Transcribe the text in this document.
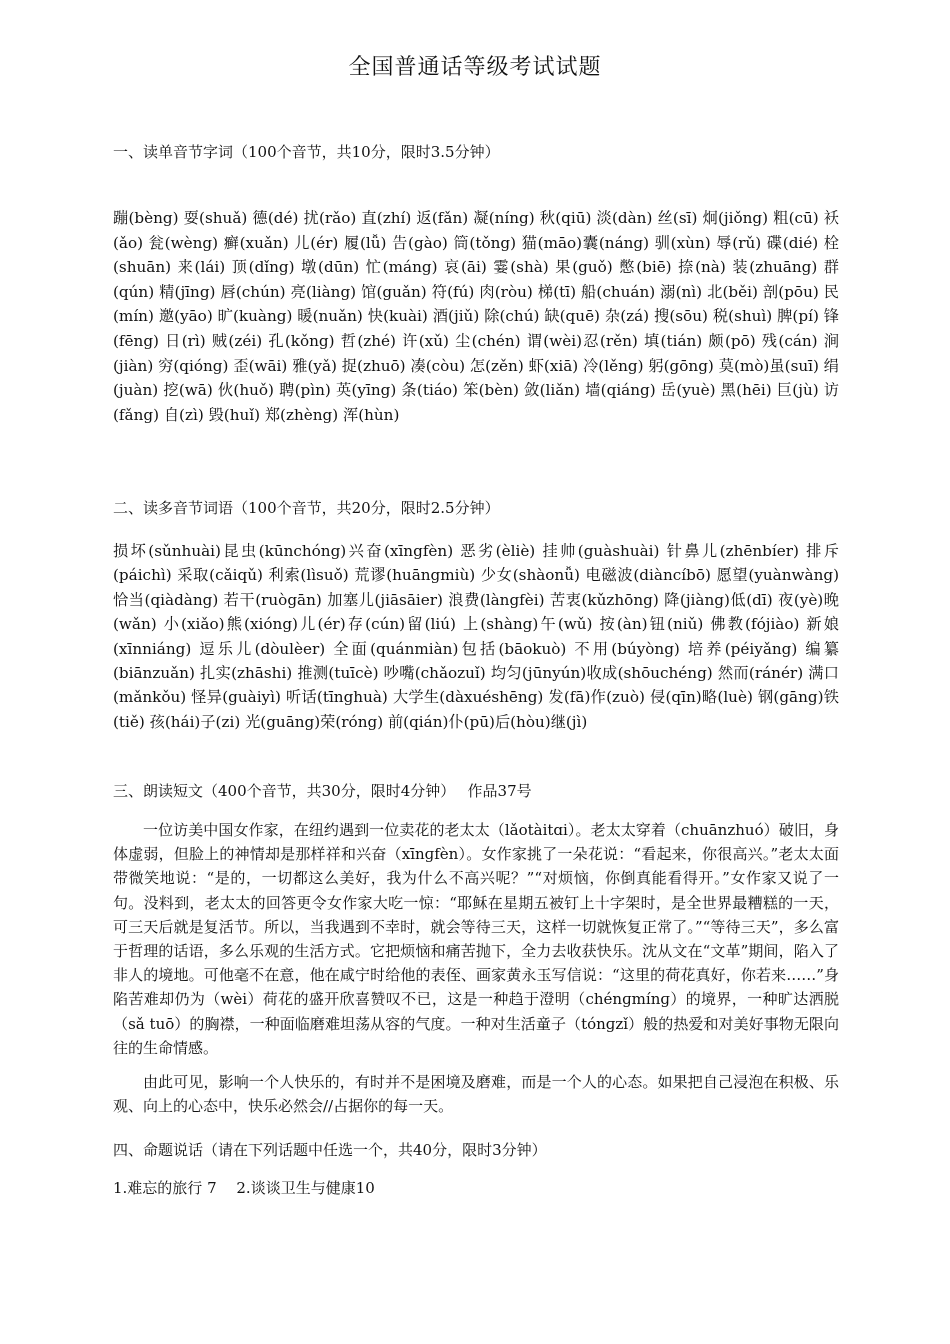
全国普通话等级考试试题
一、读单音节字词（100个音节，共10分，限时3.5分钟）

蹦(bèng) 耍(shuǎ) 德(dé) 扰(rǎo) 直(zhí) 返(fǎn) 凝(níng) 秋(qiū) 淡(dàn) 丝(sī) 炯(jiǒng) 粗(cū) 袄(ǎo) 瓮(wèng) 癣(xuǎn) 儿(ér) 履(lǚ) 告(gào) 筒(tǒng) 猫(māo)囊(náng) 驯(xùn) 辱(rǔ) 碟(dié) 栓(shuān) 来(lái) 顶(dǐng) 墩(dūn) 忙(máng) 哀(āi) 霎(shà) 果(guǒ) 憋(biē) 捺(nà) 装(zhuāng) 群(qún) 精(jīng) 唇(chún) 亮(liàng) 馆(guǎn) 符(fú) 肉(ròu) 梯(tī) 船(chuán) 溺(nì) 北(běi) 剖(pōu) 民(mín) 邀(yāo) 旷(kuàng) 暖(nuǎn) 快(kuài) 酒(jiǔ) 除(chú) 缺(quē) 杂(zá) 搜(sōu) 税(shuì) 脾(pí) 锋(fēng) 日(rì) 贼(zéi) 孔(kǒng) 哲(zhé) 许(xǔ) 尘(chén) 谓(wèi)忍(rěn) 填(tián) 颇(pō) 残(cán) 涧(jiàn) 穷(qióng) 歪(wāi) 雅(yǎ) 捉(zhuō) 凑(còu) 怎(zěn) 虾(xiā) 冷(lěng) 躬(gōng) 莫(mò)虽(suī) 绢(juàn) 挖(wā) 伙(huǒ) 聘(pìn) 英(yīng) 条(tiáo) 笨(bèn) 敛(liǎn) 墙(qiáng) 岳(yuè) 黑(hēi) 巨(jù) 访(fǎng) 自(zì) 毁(huǐ) 郑(zhèng) 浑(hùn)

二、读多音节词语（100个音节，共20分，限时2.5分钟）

损坏(sǔnhuài)昆虫(kūnchóng)兴奋(xīngfèn) 恶劣(èliè) 挂帅(guàshuài) 针鼻儿(zhēnbíer) 排斥(páichì) 采取(cǎiqǔ) 利索(lìsuǒ) 荒谬(huāngmiù) 少女(shàonǚ) 电磁波(diàncíbō) 愿望(yuànwàng) 恰当(qiàdàng) 若干(ruògān) 加塞儿(jiāsāier) 浪费(làngfèi) 苦衷(kǔzhōng) 降(jiàng)低(dī) 夜(yè)晚(wǎn) 小(xiǎo)熊(xióng)儿(ér)存(cún)留(liú) 上(shàng)午(wǔ) 按(àn)钮(niǔ) 佛教(fójiào) 新娘(xīnniáng) 逗乐儿(dòulèer) 全面(quánmiàn)包括(bāokuò) 不用(búyòng) 培养(péiyǎng) 编纂(biānzuǎn) 扎实(zhāshi) 推测(tuīcè) 吵嘴(chǎozuǐ) 均匀(jūnyún)收成(shōuchéng) 然而(ránér) 满口(mǎnkǒu) 怪异(guàiyì) 听话(tīnghuà) 大学生(dàxuéshēng) 发(fā)作(zuò) 侵(qīn)略(luè) 钢(gāng)铁(tiě) 孩(hái)子(zi) 光(guāng)荣(róng) 前(qián)仆(pū)后(hòu)继(jì)

三、朗读短文（400个音节，共30分，限时4分钟）　 作品37号

一位访美中国女作家，在纽约遇到一位卖花的老太太（lǎotàitɑi）。老太太穿着（chuānzhuó）破旧，身体虚弱，但脸上的神情却是那样祥和兴奋（xīnɡfèn）。女作家挑了一朵花说：“看起来，你很高兴。”老太太面带微笑地说：“是的，一切都这么美好，我为什么不高兴呢？”“对烦恼，你倒真能看得开。”女作家又说了一句。没料到，老太太的回答更令女作家大吃一惊：“耶稣在星期五被钉上十字架时，是全世界最糟糕的一天，可三天后就是复活节。所以，当我遇到不幸时，就会等待三天，这样一切就恢复正常了。”“等待三天”，多么富于哲理的话语，多么乐观的生活方式。它把烦恼和痛苦抛下，全力去收获快乐。沈从文在“文革”期间，陷入了非人的境地。可他毫不在意，他在咸宁时给他的表侄、画家黄永玉写信说：“这里的荷花真好，你若来……”身陷苦难却仍为（wèi）荷花的盛开欣喜赞叹不已，这是一种趋于澄明（chénɡmínɡ）的境界，一种旷达洒脱（sǎ tuō）的胸襟，一种面临磨难坦荡从容的气度。一种对生活童子（tónɡzǐ）般的热爱和对美好事物无限向往的生命情感。

由此可见，影响一个人快乐的，有时并不是困境及磨难，而是一个人的心态。如果把自己浸泡在积极、乐观、向上的心态中，快乐必然会//占据你的每一天。

四、命题说话（请在下列话题中任选一个，共40分，限时3分钟）
1.难忘的旅行 7　 2.谈谈卫生与健康10
